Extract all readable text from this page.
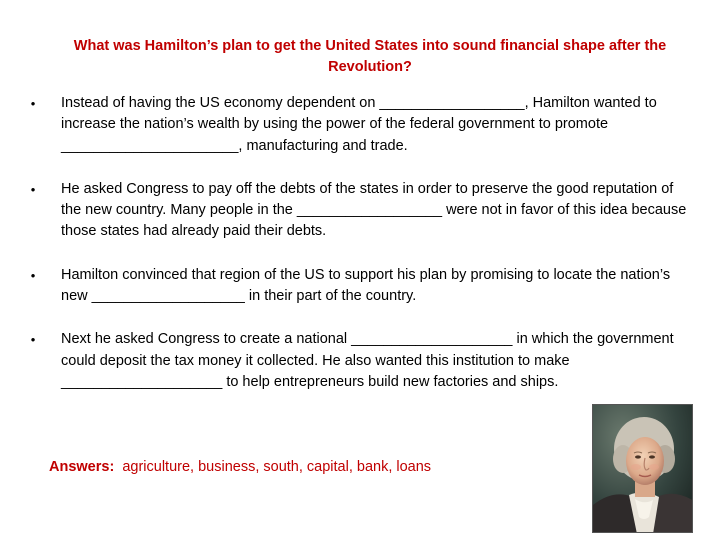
What was Hamilton’s plan to get the United States into sound financial shape after the Revolution?
• Instead of having the US economy dependent on __________________, Hamilton wanted to increase the nation’s wealth by using the power of the federal government to promote ______________________, manufacturing and trade.
• He asked Congress to pay off the debts of the states in order to preserve the good reputation of the new country. Many people in the __________________ were not in favor of this idea because those states had already paid their debts.
• Hamilton convinced that region of the US to support his plan by promising to locate the nation’s new ___________________ in their part of the country.
• Next he asked Congress to create a national ____________________ in which the government could deposit the tax money it collected. He also wanted this institution to make ____________________ to help entrepreneurs build new factories and ships.
Answers: agriculture, business, south, capital, bank, loans
